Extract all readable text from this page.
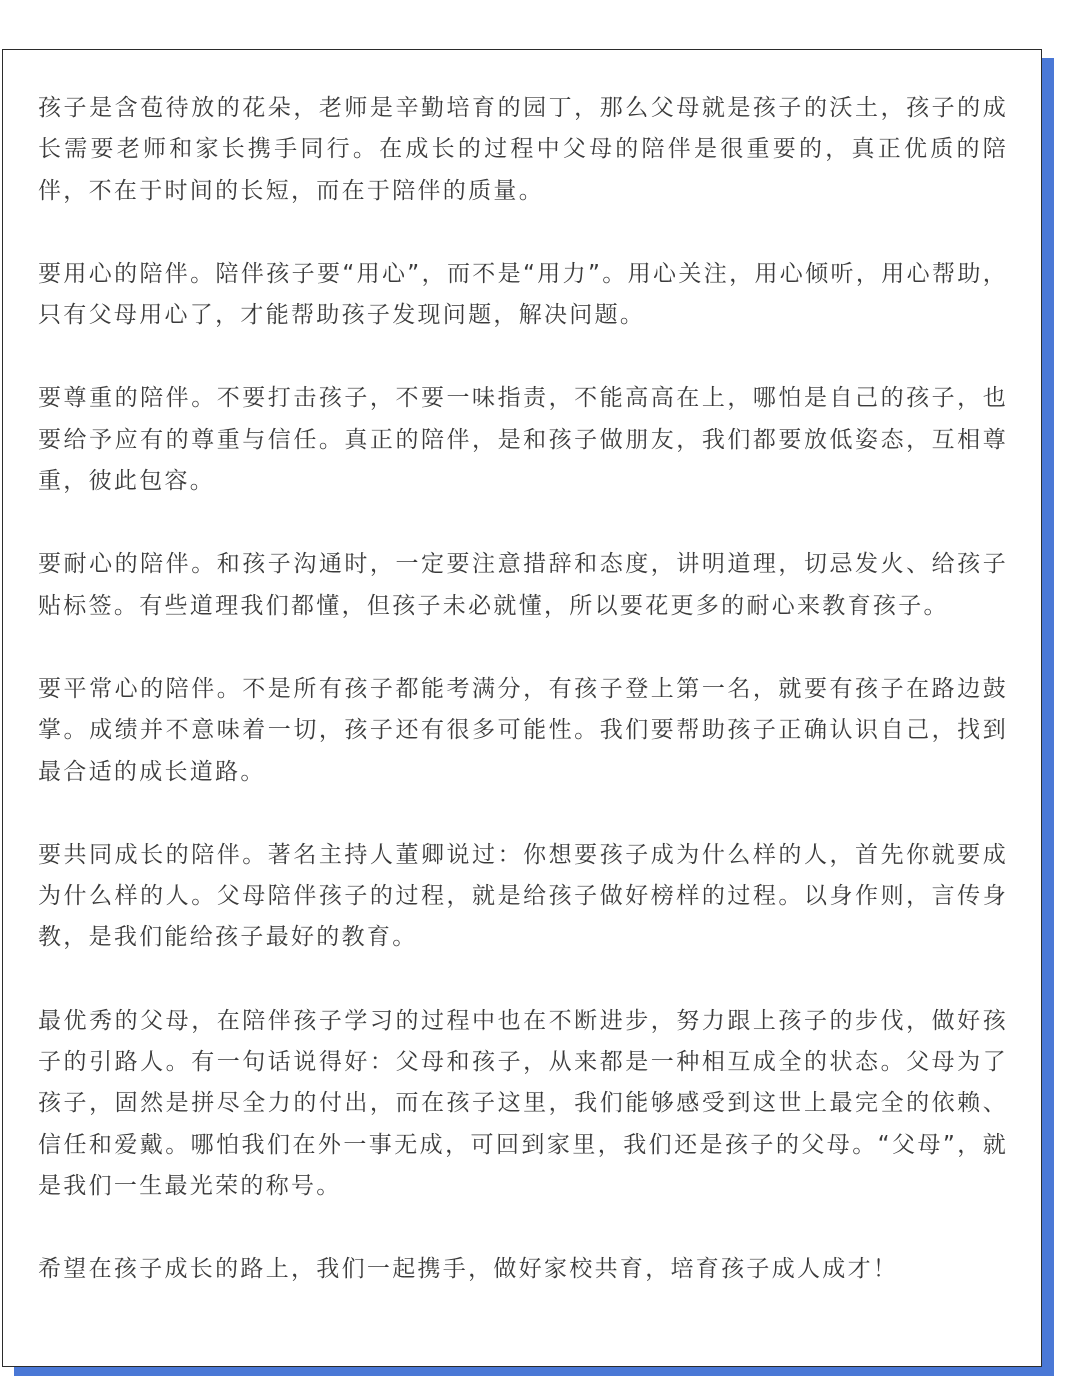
孩子是含苞待放的花朵，老师是辛勤培育的园丁，那么父母就是孩子的沃土，孩子的成长需要老师和家长携手同行。在成长的过程中父母的陪伴是很重要的，真正优质的陪伴，不在于时间的长短，而在于陪伴的质量。

要用心的陪伴。陪伴孩子要“用心”，而不是“用力”。用心关注，用心倾听，用心帮助，只有父母用心了，才能帮助孩子发现问题，解决问题。

要尊重的陪伴。不要打击孩子，不要一味指责，不能高高在上，哪怕是自己的孩子，也要给予应有的尊重与信任。真正的陪伴，是和孩子做朋友，我们都要放低姿态，互相尊重，彼此包容。

要耐心的陪伴。和孩子沟通时，一定要注意措辞和态度，讲明道理，切忌发火、给孩子贴标签。有些道理我们都懂，但孩子未必就懂，所以要花更多的耐心来教育孩子。

要平常心的陪伴。不是所有孩子都能考满分，有孩子登上第一名，就要有孩子在路边鼓掌。成绩并不意味着一切，孩子还有很多可能性。我们要帮助孩子正确认识自己，找到最合适的成长道路。

要共同成长的陪伴。著名主持人董卿说过：你想要孩子成为什么样的人，首先你就要成为什么样的人。父母陪伴孩子的过程，就是给孩子做好榜样的过程。以身作则，言传身教，是我们能给孩子最好的教育。

最优秀的父母，在陪伴孩子学习的过程中也在不断进步，努力跟上孩子的步伐，做好孩子的引路人。有一句话说得好：父母和孩子，从来都是一种相互成全的状态。父母为了孩子，固然是拼尽全力的付出，而在孩子这里，我们能够感受到这世上最完全的依赖、信任和爱戴。哪怕我们在外一事无成，可回到家里，我们还是孩子的父母。“父母”，就是我们一生最光荣的称号。

希望在孩子成长的路上，我们一起携手，做好家校共育，培育孩子成人成才！
